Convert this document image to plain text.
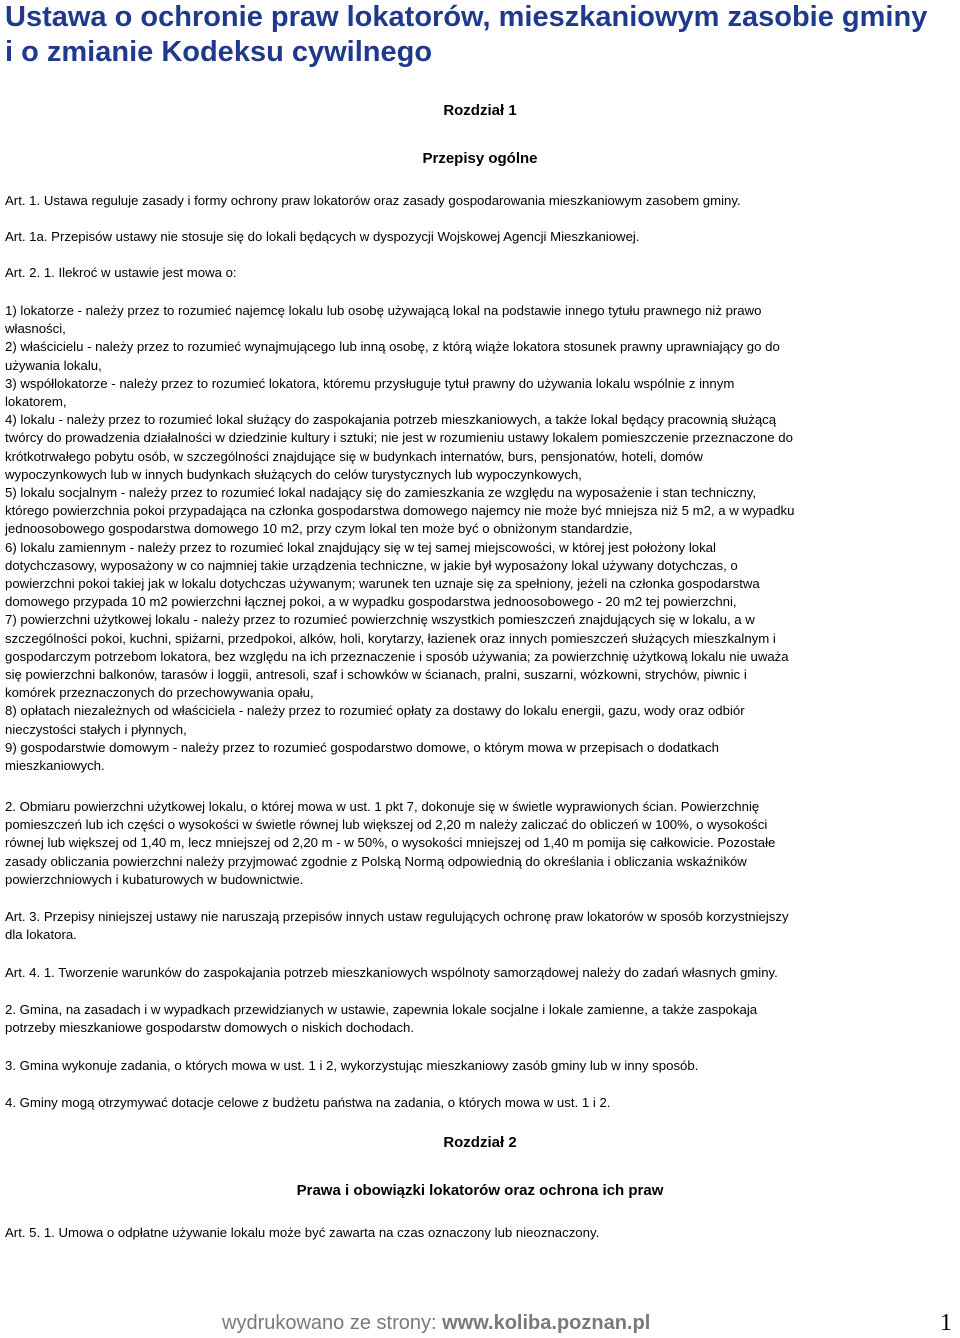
Ustawa o ochronie praw lokatorów, mieszkaniowym zasobie gminy
i o zmianie Kodeksu cywilnego

Rozdział 1

Przepisy ogólne

Art. 1. Ustawa reguluje zasady i formy ochrony praw lokatorów oraz zasady gospodarowania mieszkaniowym zasobem gminy.

Art. 1a. Przepisów ustawy nie stosuje się do lokali będących w dyspozycji Wojskowej Agencji Mieszkaniowej.

Art. 2. 1. Ilekroć w ustawie jest mowa o:

1) lokatorze - należy przez to rozumieć najemcę lokalu lub osobę używającą lokal na podstawie innego tytułu prawnego niż prawo
własności,
2) właścicielu - należy przez to rozumieć wynajmującego lub inną osobę, z którą wiąże lokatora stosunek prawny uprawniający go do
używania lokalu,
3) współlokatorze - należy przez to rozumieć lokatora, któremu przysługuje tytuł prawny do używania lokalu wspólnie z innym
lokatorem,
4) lokalu - należy przez to rozumieć lokal służący do zaspokajania potrzeb mieszkaniowych, a także lokal będący pracownią służącą
twórcy do prowadzenia działalności w dziedzinie kultury i sztuki; nie jest w rozumieniu ustawy lokalem pomieszczenie przeznaczone do
krótkotrwałego pobytu osób, w szczególności znajdujące się w budynkach internatów, burs, pensjonatów, hoteli, domów
wypoczynkowych lub w innych budynkach służących do celów turystycznych lub wypoczynkowych,
5) lokalu socjalnym - należy przez to rozumieć lokal nadający się do zamieszkania ze względu na wyposażenie i stan techniczny,
którego powierzchnia pokoi przypadająca na członka gospodarstwa domowego najemcy nie może być mniejsza niż 5 m2, a w wypadku
jednoosobowego gospodarstwa domowego 10 m2, przy czym lokal ten może być o obniżonym standardzie,
6) lokalu zamiennym - należy przez to rozumieć lokal znajdujący się w tej samej miejscowości, w której jest położony lokal
dotychczasowy, wyposażony w co najmniej takie urządzenia techniczne, w jakie był wyposażony lokal używany dotychczas, o
powierzchni pokoi takiej jak w lokalu dotychczas używanym; warunek ten uznaje się za spełniony, jeżeli na członka gospodarstwa
domowego przypada 10 m2 powierzchni łącznej pokoi, a w wypadku gospodarstwa jednoosobowego - 20 m2 tej powierzchni,
7) powierzchni użytkowej lokalu - należy przez to rozumieć powierzchnię wszystkich pomieszczeń znajdujących się w lokalu, a w
szczególności pokoi, kuchni, spiżarni, przedpokoi, alków, holi, korytarzy, łazienek oraz innych pomieszczeń służących mieszkalnym i
gospodarczym potrzebom lokatora, bez względu na ich przeznaczenie i sposób używania; za powierzchnię użytkową lokalu nie uważa
się powierzchni balkonów, tarasów i loggii, antresoli, szaf i schowków w ścianach, pralni, suszarni, wózkowni, strychów, piwnic i
komórek przeznaczonych do przechowywania opału,
8) opłatach niezależnych od właściciela - należy przez to rozumieć opłaty za dostawy do lokalu energii, gazu, wody oraz odbiór
nieczystości stałych i płynnych,
9) gospodarstwie domowym - należy przez to rozumieć gospodarstwo domowe, o którym mowa w przepisach o dodatkach
mieszkaniowych.
2. Obmiaru powierzchni użytkowej lokalu, o której mowa w ust. 1 pkt 7, dokonuje się w świetle wyprawionych ścian. Powierzchnię
pomieszczeń lub ich części o wysokości w świetle równej lub większej od 2,20 m należy zaliczać do obliczeń w 100%, o wysokości
równej lub większej od 1,40 m, lecz mniejszej od 2,20 m - w 50%, o wysokości mniejszej od 1,40 m pomija się całkowicie. Pozostałe
zasady obliczania powierzchni należy przyjmować zgodnie z Polską Normą odpowiednią do określania i obliczania wskaźników
powierzchniowych i kubaturowych w budownictwie.
Art. 3. Przepisy niniejszej ustawy nie naruszają przepisów innych ustaw regulujących ochronę praw lokatorów w sposób korzystniejszy
dla lokatora.

Art. 4. 1. Tworzenie warunków do zaspokajania potrzeb mieszkaniowych wspólnoty samorządowej należy do zadań własnych gminy.

2. Gmina, na zasadach i w wypadkach przewidzianych w ustawie, zapewnia lokale socjalne i lokale zamienne, a także zaspokaja
potrzeby mieszkaniowe gospodarstw domowych o niskich dochodach.

3. Gmina wykonuje zadania, o których mowa w ust. 1 i 2, wykorzystując mieszkaniowy zasób gminy lub w inny sposób.

4. Gminy mogą otrzymywać dotacje celowe z budżetu państwa na zadania, o których mowa w ust. 1 i 2.

Rozdział 2

Prawa i obowiązki lokatorów oraz ochrona ich praw

Art. 5. 1. Umowa o odpłatne używanie lokalu może być zawarta na czas oznaczony lub nieoznaczony.

wydrukowano ze strony: www.koliba.poznan.pl	1
